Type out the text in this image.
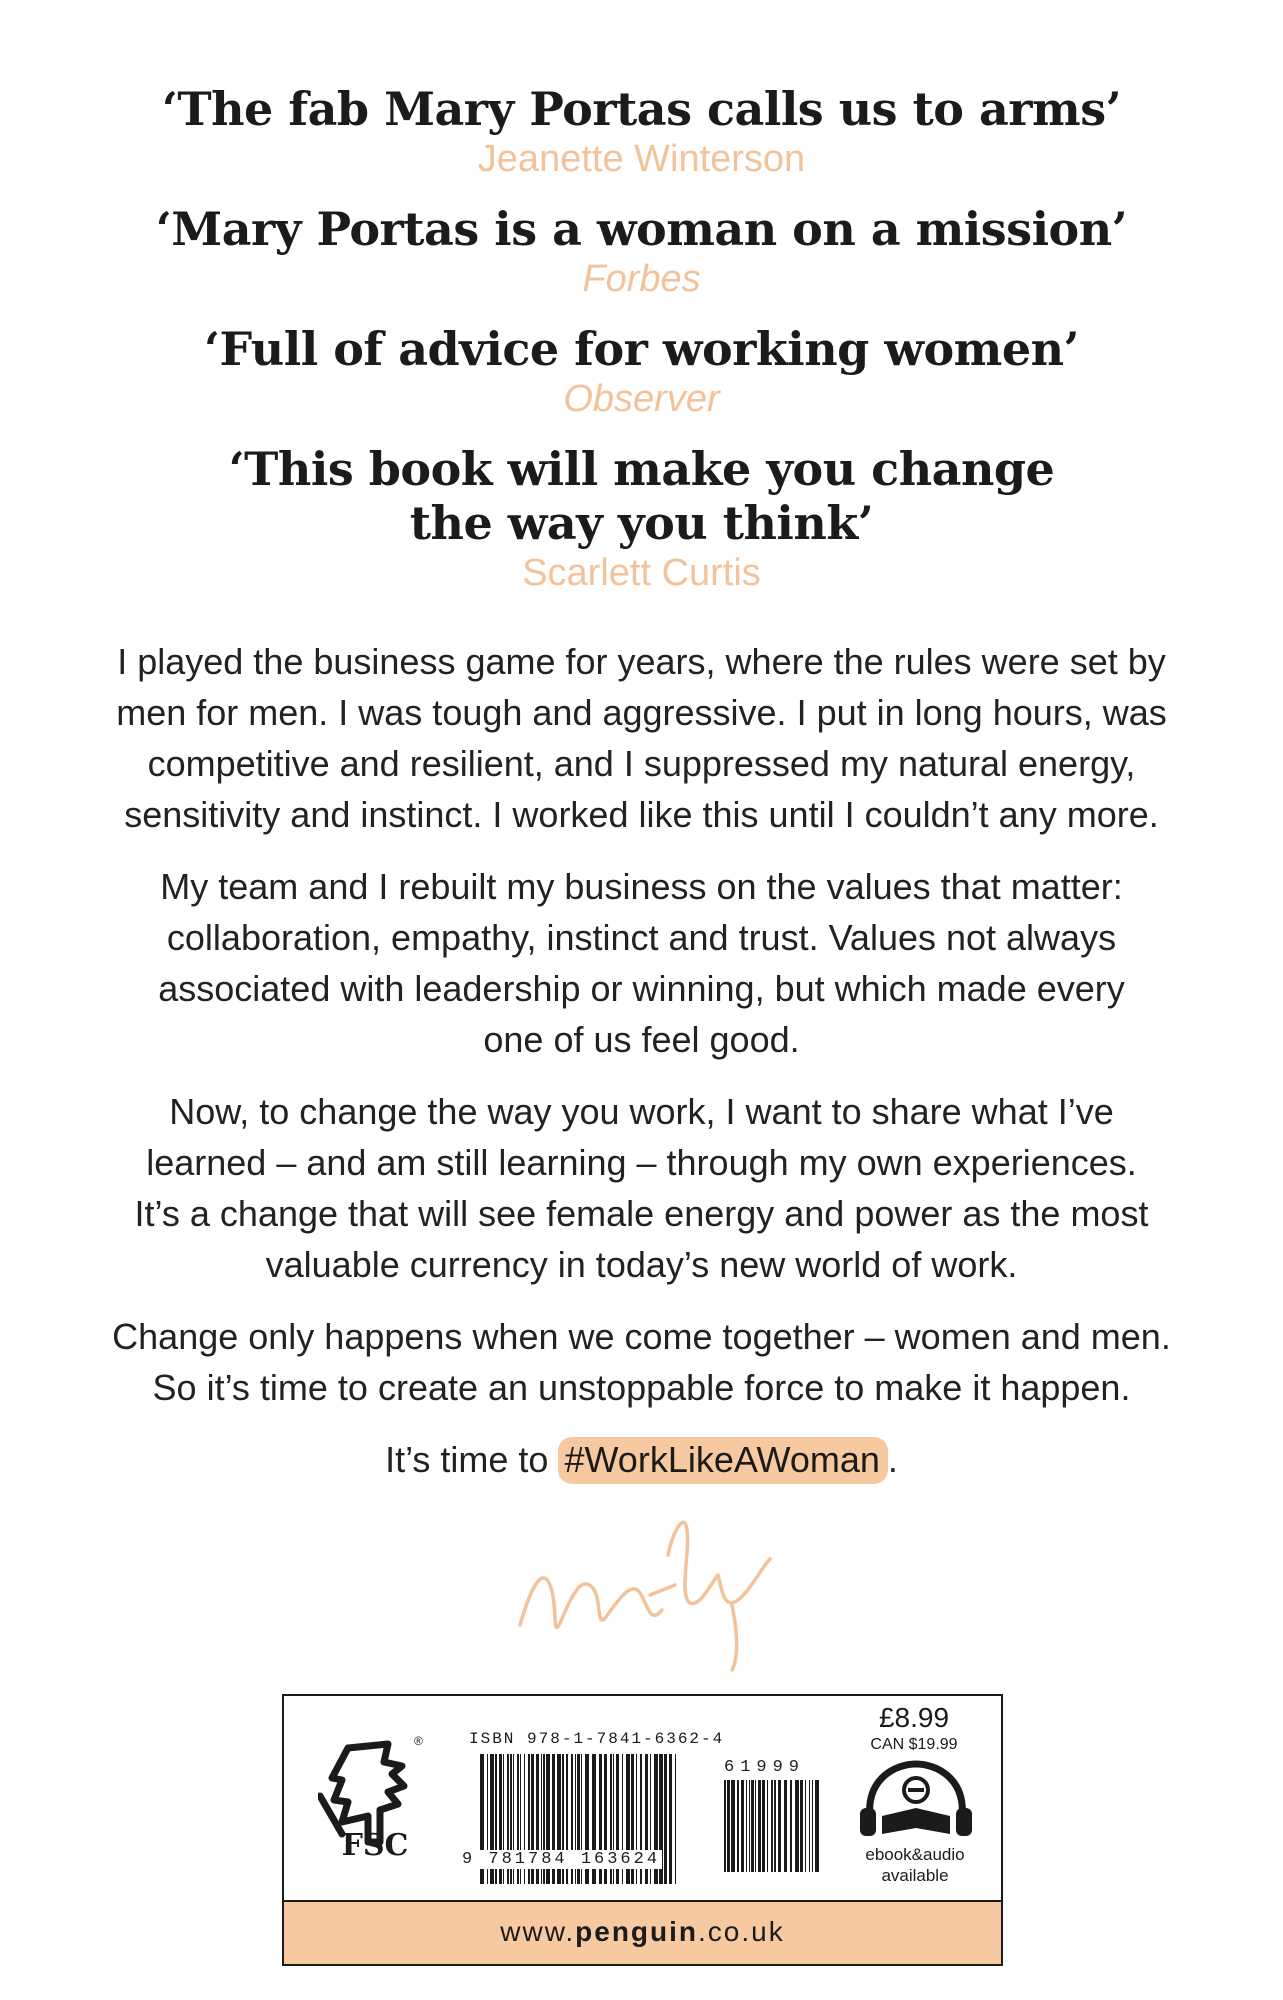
‘The fab Mary Portas calls us to arms’
Jeanette Winterson
‘Mary Portas is a woman on a mission’
Forbes
‘Full of advice for working women’
Observer
‘This book will make you change the way you think’
Scarlett Curtis

I played the business game for years, where the rules were set by men for men. I was tough and aggressive. I put in long hours, was competitive and resilient, and I suppressed my natural energy, sensitivity and instinct. I worked like this until I couldn’t any more.

My team and I rebuilt my business on the values that matter: collaboration, empathy, instinct and trust. Values not always associated with leadership or winning, but which made every one of us feel good.

Now, to change the way you work, I want to share what I’ve learned – and am still learning – through my own experiences. It’s a change that will see female energy and power as the most valuable currency in today’s new world of work.

Change only happens when we come together – women and men. So it’s time to create an unstoppable force to make it happen.

It’s time to #WorkLikeAWoman .

®
FSC
ISBN 978-1-7841-6362-4
9 781784 163624
61999
£8.99
CAN $19.99
ebook&audio
available
www.penguin.co.uk
